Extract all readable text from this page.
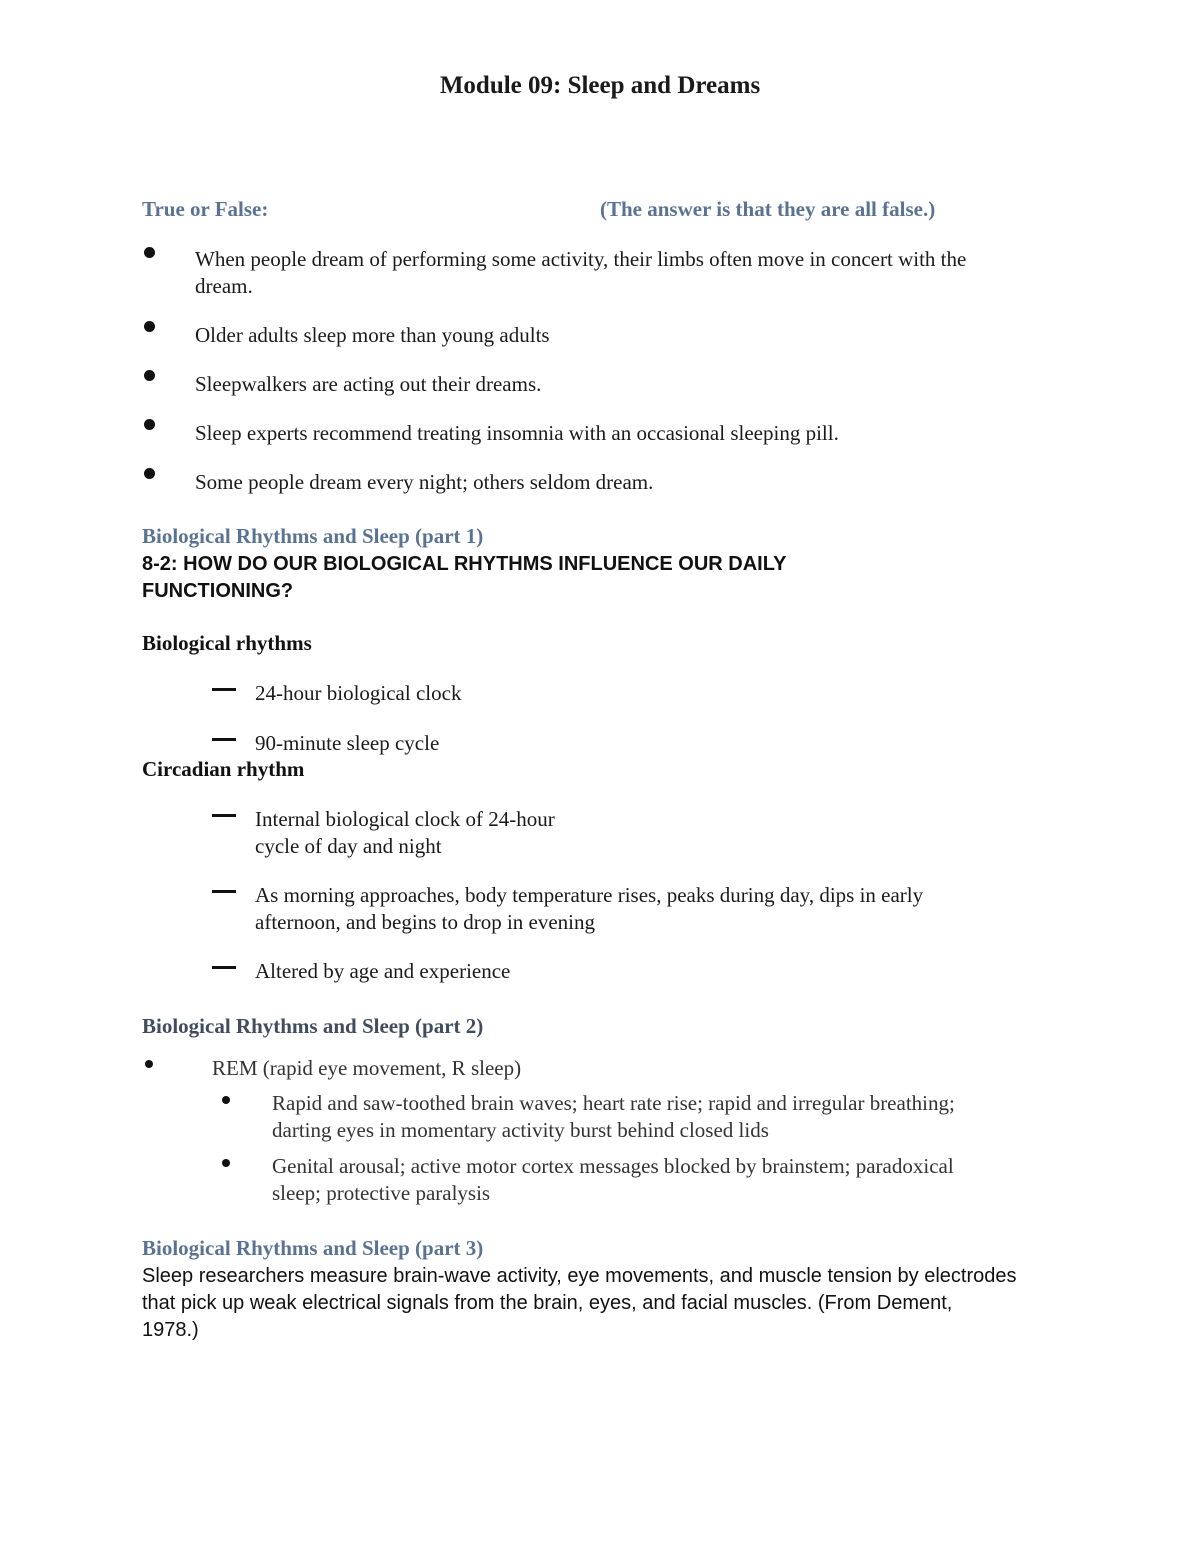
Module 09: Sleep and Dreams
True or False:	(The answer is that they are all false.)
When people dream of performing some activity, their limbs often move in concert with the
dream.
Older adults sleep more than young adults
Sleepwalkers are acting out their dreams.
Sleep experts recommend treating insomnia with an occasional sleeping pill.
Some people dream every night; others seldom dream.
Biological Rhythms and Sleep (part 1)
8-2: HOW DO OUR BIOLOGICAL RHYTHMS INFLUENCE OUR DAILY
FUNCTIONING?
Biological rhythms
24-hour biological clock
90-minute sleep cycle
Circadian rhythm
Internal biological clock of 24-hour
cycle of day and night
As morning approaches, body temperature rises, peaks during day, dips in early
afternoon, and begins to drop in evening
Altered by age and experience
Biological Rhythms and Sleep (part 2)
REM (rapid eye movement, R sleep)
Rapid and saw-toothed brain waves; heart rate rise; rapid and irregular breathing;
darting eyes in momentary activity burst behind closed lids
Genital arousal; active motor cortex messages blocked by brainstem; paradoxical
sleep; protective paralysis
Biological Rhythms and Sleep (part 3)
Sleep researchers measure brain-wave activity, eye movements, and muscle tension by electrodes
that pick up weak electrical signals from the brain, eyes, and facial muscles. (From Dement,
1978.)
